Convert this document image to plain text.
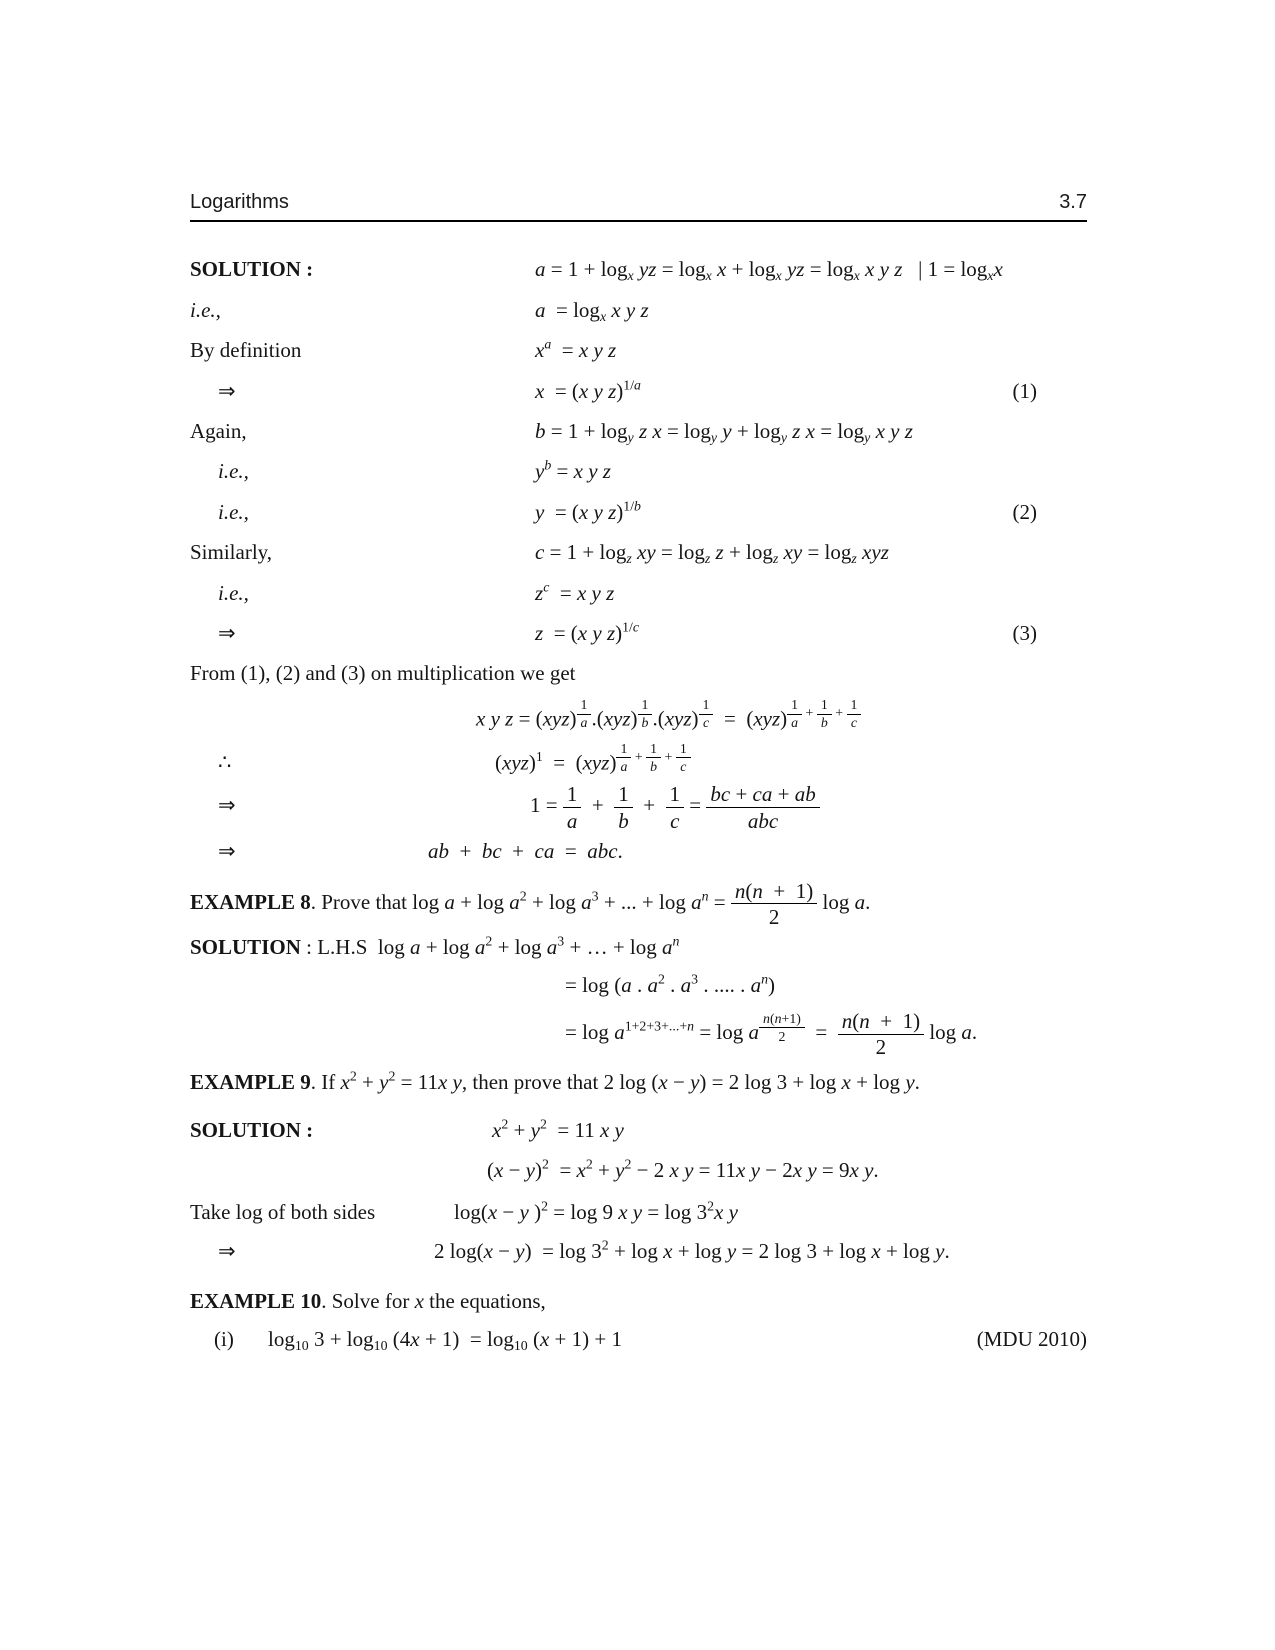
Logarithms	3.7
SOLUTION :	$a = 1 + \log_x$ yz = $\log_x x + \log_x$ yz = $\log_x x$ y z   | $1 = \log_xx$
i.e.,	$a = \log_x x$ y z
By definition	$x^a = x$ y z
⇒	x  = (x y z)$^{1/a}$	(1)
Again,	$b = 1 + \log_y z$ $x = \log_y y + \log_y z$ $x = \log_y x$ y z
i.e.,	$y^b = x$ y z
i.e.,	y  = (x y z)$^{1/b}$	(2)
Similarly,	$c = 1 + \log_z$ xy = $\log_z z + \log_z$ xy = $\log_z$ xyz
i.e.,	$z^c = x$ y z
⇒	z  = (x y z)$^{1/c}$	(3)
From (1), (2) and (3) on multiplication we get
x y z = (xyz) $^{\frac{1}{a}}$ .(xyz) $^{\frac{1}{b}}$ .(xyz) $^{\frac{1}{c}}$ =  (xyz) $^{\frac{1}{a} + \frac{1}{b} + \frac{1}{c}}$
∴	(xyz)$^1$  =  (xyz) $^{\frac{1}{a} + \frac{1}{b} + \frac{1}{c}}$
⇒	$1 = \frac{1}{a} + \frac{1}{b} + \frac{1}{c} = \frac{bc + ca + ab}{\text{abc}}$
⇒	ab  +  bc  +  ca  =  abc.
EXAMPLE 8 . Prove that $\log a + \log a^2 + \log a^3$ + ... + $\log a^n = \frac{n(n + 1)}{2}$ log a.
SOLUTION : L.H.S $\log a + \log a^2 + \log a^3$ + … + $\log a^n$
= log (a . $a^2$ . $a^3$ . .... . $a^n$)
= $\log a^{1+2+3+...+n} = \log a$ $^{\frac{n(n+1)}{2}} = \frac{n(n + 1)}{2}$ log a.
EXAMPLE 9 . If $x^2 + y^2 = 11x$ y, then prove that 2 log (x − y) = 2 log 3 + log x + log y.
SOLUTION :	$x^2 + y^2 = 11$ x y
$(x - y)^2 = x^2 + y^2 - 2$ x y = 11x y − 2x y = 9x y.
Take log of both sides	log(x − y )$^2$ = log 9 x $y = \log 3^2x$ y
⇒	2 $\log(x - y) = \log 3^2 + \log x + \log y = 2$ log 3 + log x + log y.
EXAMPLE 10 . Solve for x the equations,
(i)	$\log_{10} 3 + \log_{10} (4x + 1) = \log_{10} (x + 1) + 1$	(MDU 2010)
